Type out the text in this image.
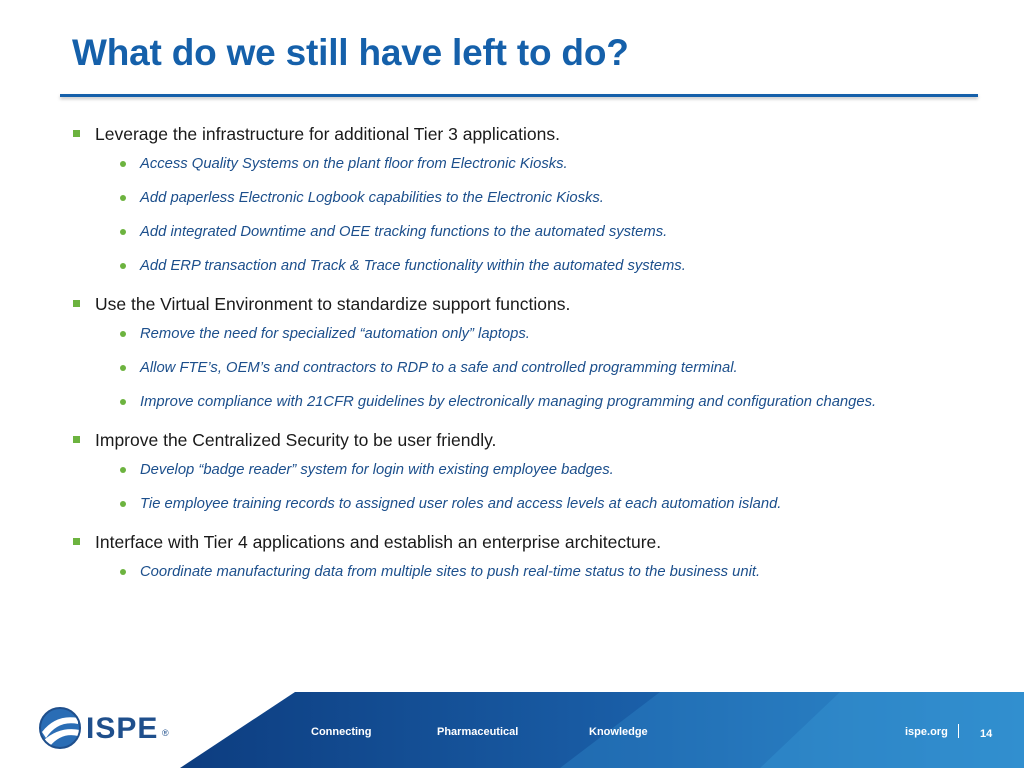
What do we still have left to do?
Leverage the infrastructure for additional Tier 3 applications.
Access Quality Systems on the plant floor from Electronic Kiosks.
Add paperless Electronic Logbook capabilities to the Electronic Kiosks.
Add integrated Downtime and OEE tracking functions to the automated systems.
Add ERP transaction and Track & Trace functionality within the automated systems.
Use the Virtual Environment to standardize support functions.
Remove the need for specialized “automation only” laptops.
Allow FTE’s, OEM’s and contractors to RDP to a safe and controlled programming terminal.
Improve compliance with 21CFR guidelines by electronically managing programming and configuration changes.
Improve the Centralized Security to be user friendly.
Develop “badge reader” system for login with existing employee badges.
Tie employee training records to assigned user roles and access levels at each automation island.
Interface with Tier 4 applications and establish an enterprise architecture.
Coordinate manufacturing data from multiple sites to push real-time status to the business unit.
ISPE ®	Connecting	Pharmaceutical	Knowledge	ispe.org	14
